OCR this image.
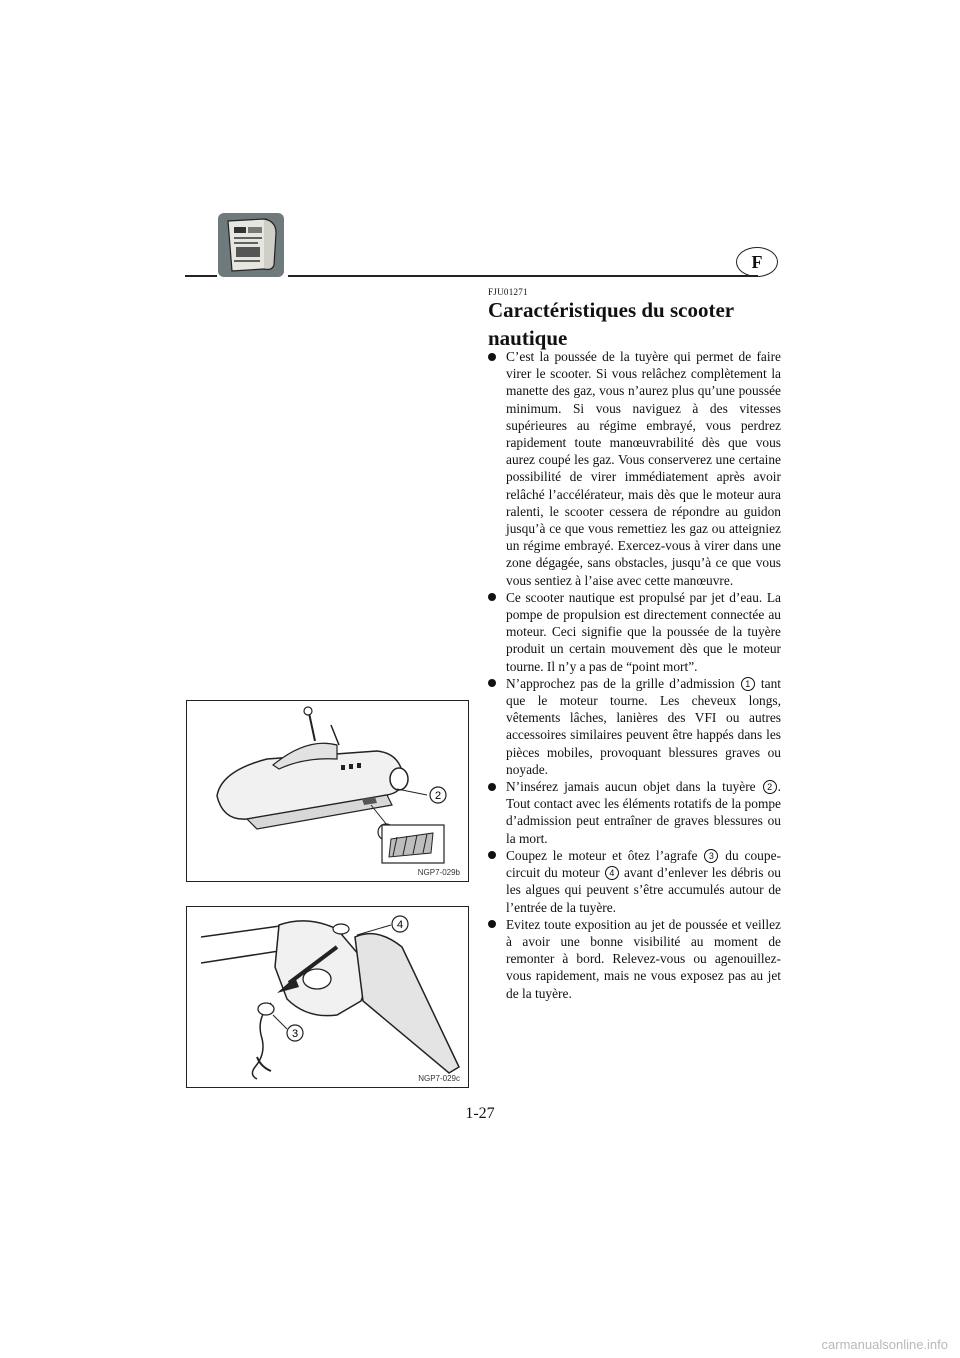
F
FJU01271
Caractéristiques du scooter nautique
C’est la poussée de la tuyère qui permet de faire virer le scooter. Si vous relâchez complètement la manette des gaz, vous n’aurez plus qu’une poussée minimum. Si vous naviguez à des vitesses supérieures au régime embrayé, vous perdrez rapidement toute manœuvrabilité dès que vous aurez coupé les gaz. Vous conserverez une certaine possibilité de virer immédiatement après avoir relâché l’accélérateur, mais dès que le moteur aura ralenti, le scooter cessera de répondre au guidon jusqu’à ce que vous remettiez les gaz ou atteigniez un régime embrayé. Exercez-vous à virer dans une zone dégagée, sans obstacles, jusqu’à ce que vous vous sentiez à l’aise avec cette manœuvre.
Ce scooter nautique est propulsé par jet d’eau. La pompe de propulsion est directement connectée au moteur. Ceci signifie que la poussée de la tuyère produit un certain mouvement dès que le moteur tourne. Il n’y a pas de “point mort”.
N’approchez pas de la grille d’admission 1 tant que le moteur tourne. Les cheveux longs, vêtements lâches, lanières des VFI ou autres accessoires similaires peuvent être happés dans les pièces mobiles, provoquant blessures graves ou noyade.
N’insérez jamais aucun objet dans la tuyère 2 . Tout contact avec les éléments rotatifs de la pompe d’admission peut entraîner de graves blessures ou la mort.
Coupez le moteur et ôtez l’agrafe 3 du coupe-circuit du moteur 4 avant d’enlever les débris ou les algues qui peuvent s’être accumulés autour de l’entrée de la tuyère.
Evitez toute exposition au jet de poussée et veillez à avoir une bonne visibilité au moment de remonter à bord. Relevez-vous ou agenouillez-vous rapidement, mais ne vous exposez pas au jet de la tuyère.
2
NGP7-029b
3
4
NGP7-029c
1-27
carmanualsonline.info
